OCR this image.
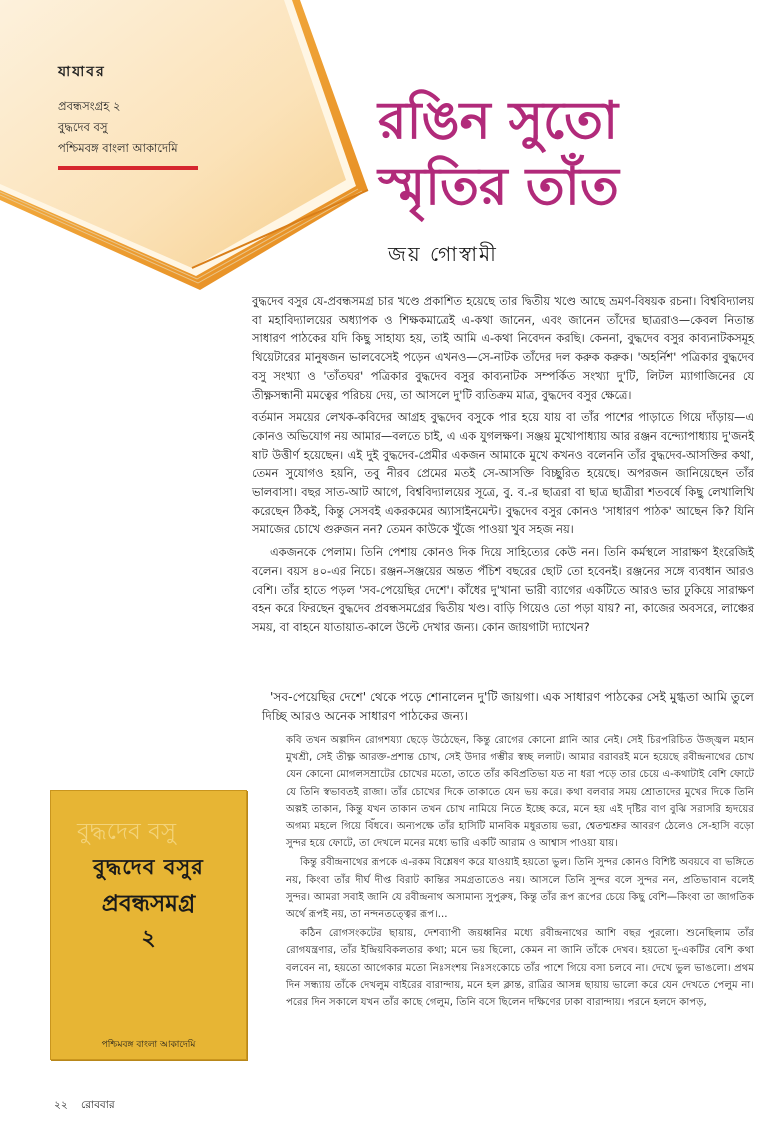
যাযাবর
প্রবন্ধসংগ্রহ ২
বুদ্ধদেব বসু
পশ্চিমবঙ্গ বাংলা আকাদেমি	রঙিন সুতো
স্মৃতির তাঁত
জয় গোস্বামী

বুদ্ধদেব বসুর যে-প্রবন্ধসমগ্র চার খণ্ডে প্রকাশিত হয়েছে তার দ্বিতীয় খণ্ডে আছে ভ্রমণ-বিষয়ক রচনা। বিশ্ববিদ্যালয় বা মহাবিদ্যালয়ের অধ্যাপক ও শিক্ষকমাত্রেই এ-কথা জানেন, এবং জানেন তাঁদের ছাত্ররাও—কেবল নিতান্ত সাধারণ পাঠকের যদি কিছু সাহায্য হয়, তাই আমি এ-কথা নিবেদন করছি। কেননা, বুদ্ধদেব বসুর কাব্যনাটকসমূহ থিয়েটারের মানুষজন ভালবেসেই পড়েন এখনও—সে-নাটক তাঁদের দল করুক করুক। 'অহর্নিশ' পত্রিকার বুদ্ধদেব বসু সংখ্যা ও 'তাঁতঘর' পত্রিকার বুদ্ধদেব বসুর কাব্যনাটক সম্পর্কিত সংখ্যা দু'টি, লিটল ম্যাগাজিনের যে তীক্ষ্ণসন্ধানী মমত্বের পরিচয় দেয়, তা আসলে দু'টি ব্যতিক্রম মাত্র, বুদ্ধদেব বসুর ক্ষেত্রে।

বর্তমান সময়ের লেখক-কবিদের আগ্রহ বুদ্ধদেব বসুকে পার হয়ে যায় বা তাঁর পাশের পাড়াতে গিয়ে দাঁড়ায়—এ কোনও অভিযোগ নয় আমার—বলতে চাই, এ এক যুগলক্ষণ। সঞ্জয় মুখোপাধ্যায় আর রঞ্জন বন্দ্যোপাধ্যায় দু'জনই ষাট উত্তীর্ণ হয়েছেন। এই দুই বুদ্ধদেব-প্রেমীর একজন আমাকে মুখে কখনও বলেননি তাঁর বুদ্ধদেব-আসক্তির কথা, তেমন সুযোগও হয়নি, তবু নীরব প্রেমের মতই সে-আসক্তি বিচ্ছুরিত হয়েছে। অপরজন জানিয়েছেন তাঁর ভালবাসা। বছর সাত-আট আগে, বিশ্ববিদ্যালয়ের সূত্রে, বু. ব.-র ছাত্ররা বা ছাত্র ছাত্রীরা শতবর্ষে কিছু লেখালিখি করেছেন ঠিকই, কিন্তু সেসবই একরকমের অ্যাসাইনমেন্ট। বুদ্ধদেব বসুর কোনও 'সাধারণ পাঠক' আছেন কি? যিনি সমাজের চোখে গুরুজন নন? তেমন কাউকে খুঁজে পাওয়া খুব সহজ নয়।

একজনকে পেলাম। তিনি পেশায় কোনও দিক দিয়ে সাহিত্যের কেউ নন। তিনি কর্মস্থলে সারাক্ষণ ইংরেজিই বলেন। বয়স ৪০-এর নিচে। রঞ্জন-সঞ্জয়ের অন্তত পঁচিশ বছরের ছোট তো হবেনই। রঞ্জনের সঙ্গে ব্যবধান আরও বেশি। তাঁর হাতে পড়ল 'সব-পেয়েছির দেশে'। কাঁধের দু'খানা ভারী ব্যাগের একটিতে আরও ভার ঢুকিয়ে সারাক্ষণ বহন করে ফিরছেন বুদ্ধদেব প্রবন্ধসমগ্রের দ্বিতীয় খণ্ড। বাড়ি গিয়েও তো পড়া যায়? না, কাজের অবসরে, লাঞ্চের সময়, বা বাহনে যাতায়াত-কালে উল্টে দেখার জন্য। কোন জায়গাটা দ্যাখেন?

'সব-পেয়েছির দেশে' থেকে পড়ে শোনালেন দু'টি জায়গা। এক সাধারণ পাঠকের সেই মুগ্ধতা আমি তুলে দিচ্ছি আরও অনেক সাধারণ পাঠকের জন্য।

কবি তখন অল্পদিন রোগশয্যা ছেড়ে উঠেছেন, কিন্তু রোগের কোনো গ্লানি আর নেই। সেই চিরপরিচিত উজ্জ্বল মহান মুখশ্রী, সেই তীক্ষ্ণ আরক্ত-প্রশান্ত চোখ, সেই উদার গম্ভীর স্বচ্ছ ললাট। আমার বরাবরই মনে হয়েছে রবীন্দ্রনাথের চোখ যেন কোনো মোগলসম্রাটের চোখের মতো, তাতে তাঁর কবিপ্রতিভা যত না ধরা পড়ে তার চেয়ে এ-কথাটাই বেশি ফোটে যে তিনি স্বভাবতই রাজা। তাঁর চোখের দিকে তাকাতে যেন ভয় করে। কথা বলবার সময় শ্রোতাদের মুখের দিকে তিনি অল্পই তাকান, কিন্তু যখন তাকান তখন চোখ নামিয়ে নিতে ইচ্ছে করে, মনে হয় এই দৃষ্টির বাণ বুঝি সরাসরি হৃদয়ের অগম্য মহলে গিয়ে বিঁধবে। অন্যপক্ষে তাঁর হাসিটি মানবিক মধুরতায় ভরা, শ্বেতশ্মশ্রুর আবরণ ঠেলেও সে-হাসি বড়ো সুন্দর হয়ে ফোটে, তা দেখলে মনের মধ্যে ভারি একটি আরাম ও আশ্বাস পাওয়া যায়।

কিন্তু রবীন্দ্রনাথের রূপকে এ-রকম বিশ্লেষণ করে যাওয়াই হয়তো ভুল। তিনি সুন্দর কোনও বিশিষ্ট অবয়বে বা ভঙ্গিতে নয়, কিংবা তাঁর দীর্ঘ দীপ্ত বিরাট কান্তির সমগ্রতাতেও নয়। আসলে তিনি সুন্দর বলে সুন্দর নন, প্রতিভাবান বলেই সুন্দর। আমরা সবাই জানি যে রবীন্দ্রনাথ অসামান্য সুপুরুষ, কিন্তু তাঁর রূপ রূপের চেয়ে কিছু বেশি—কিংবা তা জাগতিক অর্থে রূপই নয়, তা নন্দনতত্ত্বের রূপ।...

কঠিন রোগসংকটের ছায়ায়, দেশব্যাপী জয়ধ্বনির মধ্যে রবীন্দ্রনাথের আশি বছর পুরলো। শুনেছিলাম তাঁর রোগযন্ত্রণার, তাঁর ইন্দ্রিয়বিকলতার কথা; মনে ভয় ছিলো, কেমন না জানি তাঁকে দেখব। হয়তো দু-একটির বেশি কথা বলবেন না, হয়তো আগেকার মতো নিঃসংশয় নিঃসংকোচে তাঁর পাশে গিয়ে বসা চলবে না। দেখে ভুল ভাঙলো। প্রথম দিন সন্ধ্যায় তাঁকে দেখলুম বাইরের বারান্দায়, মনে হল ক্লান্ত, রাত্রির আসন্ন ছায়ায় ভালো করে যেন দেখতে পেলুম না। পরের দিন সকালে যখন তাঁর কাছে গেলুম, তিনি বসে ছিলেন দক্ষিণের ঢাকা বারান্দায়। পরনে হলদে কাপড়,

বুদ্ধদেব বসু
বুদ্ধদেব বসুর
প্রবন্ধসমগ্র
২
পশ্চিমবঙ্গ বাংলা আকাদেমি
২২ রোববার
